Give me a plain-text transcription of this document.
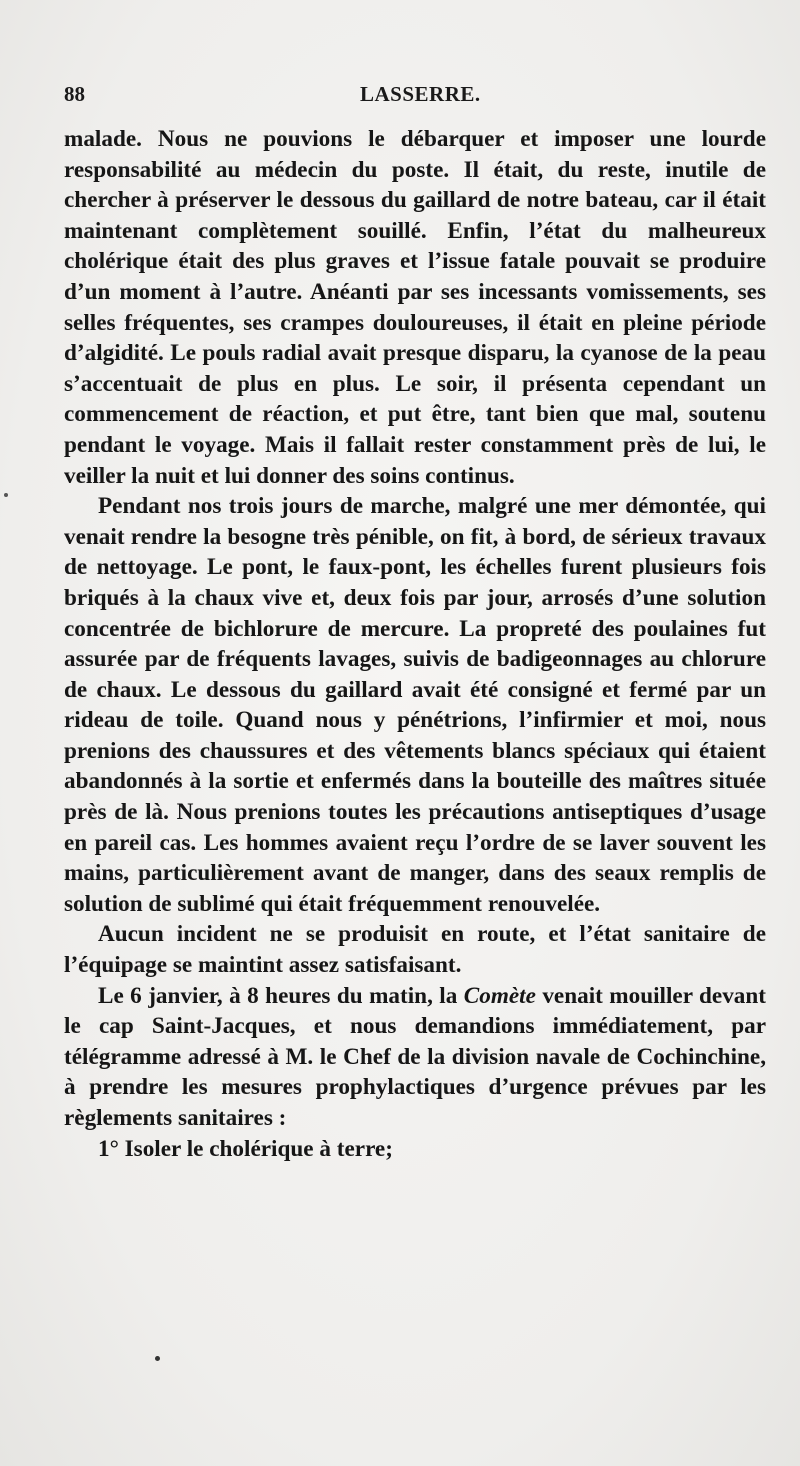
88	LASSERRE.

malade. Nous ne pouvions le débarquer et imposer une lourde responsabilité au médecin du poste. Il était, du reste, inutile de chercher à préserver le dessous du gaillard de notre bateau, car il était maintenant complètement souillé. Enfin, l’état du malheureux cholérique était des plus graves et l’issue fatale pouvait se produire d’un moment à l’autre. Anéanti par ses incessants vomissements, ses selles fréquentes, ses crampes douloureuses, il était en pleine période d’algidité. Le pouls radial avait presque disparu, la cyanose de la peau s’accentuait de plus en plus. Le soir, il présenta cependant un commencement de réaction, et put être, tant bien que mal, soutenu pendant le voyage. Mais il fallait rester constamment près de lui, le veiller la nuit et lui donner des soins continus.

Pendant nos trois jours de marche, malgré une mer démontée, qui venait rendre la besogne très pénible, on fit, à bord, de sérieux travaux de nettoyage. Le pont, le faux-pont, les échelles furent plusieurs fois briqués à la chaux vive et, deux fois par jour, arrosés d’une solution concentrée de bichlorure de mercure. La propreté des poulaines fut assurée par de fréquents lavages, suivis de badigeonnages au chlorure de chaux. Le dessous du gaillard avait été consigné et fermé par un rideau de toile. Quand nous y pénétrions, l’infirmier et moi, nous prenions des chaussures et des vêtements blancs spéciaux qui étaient abandonnés à la sortie et enfermés dans la bouteille des maîtres située près de là. Nous prenions toutes les précautions antiseptiques d’usage en pareil cas. Les hommes avaient reçu l’ordre de se laver souvent les mains, particulièrement avant de manger, dans des seaux remplis de solution de sublimé qui était fréquemment renouvelée.

Aucun incident ne se produisit en route, et l’état sanitaire de l’équipage se maintint assez satisfaisant.

Le 6 janvier, à 8 heures du matin, la Comète venait mouiller devant le cap Saint-Jacques, et nous demandions immédiatement, par télégramme adressé à M. le Chef de la division navale de Cochinchine, à prendre les mesures prophylactiques d’urgence prévues par les règlements sanitaires :

1° Isoler le cholérique à terre;
